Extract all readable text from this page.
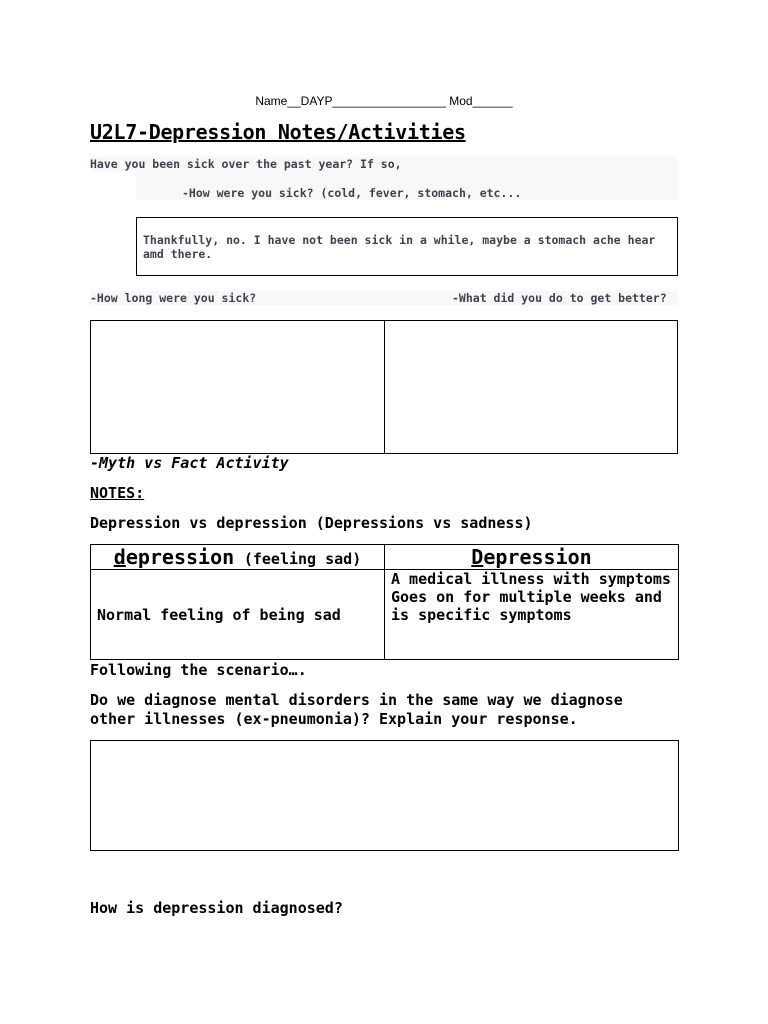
Name__DAYP_________________ Mod______
U2L7-Depression Notes/Activities
Have you been sick over the past year? If so,
-How were you sick? (cold, fever, stomach, etc...
Thankfully, no. I have not been sick in a while, maybe a stomach ache hear amd there.
-How long were you sick?	-What did you do to get better?
-Myth vs Fact Activity
NOTES:
Depression vs depression (Depressions vs sadness)
depression (feeling sad)	Depression

Normal feeling of being sad	A medical illness with symptoms
Goes on for multiple weeks and is specific symptoms
Following the scenario….
Do we diagnose mental disorders in the same way we diagnose other illnesses (ex-pneumonia)? Explain your response.
How is depression diagnosed?
